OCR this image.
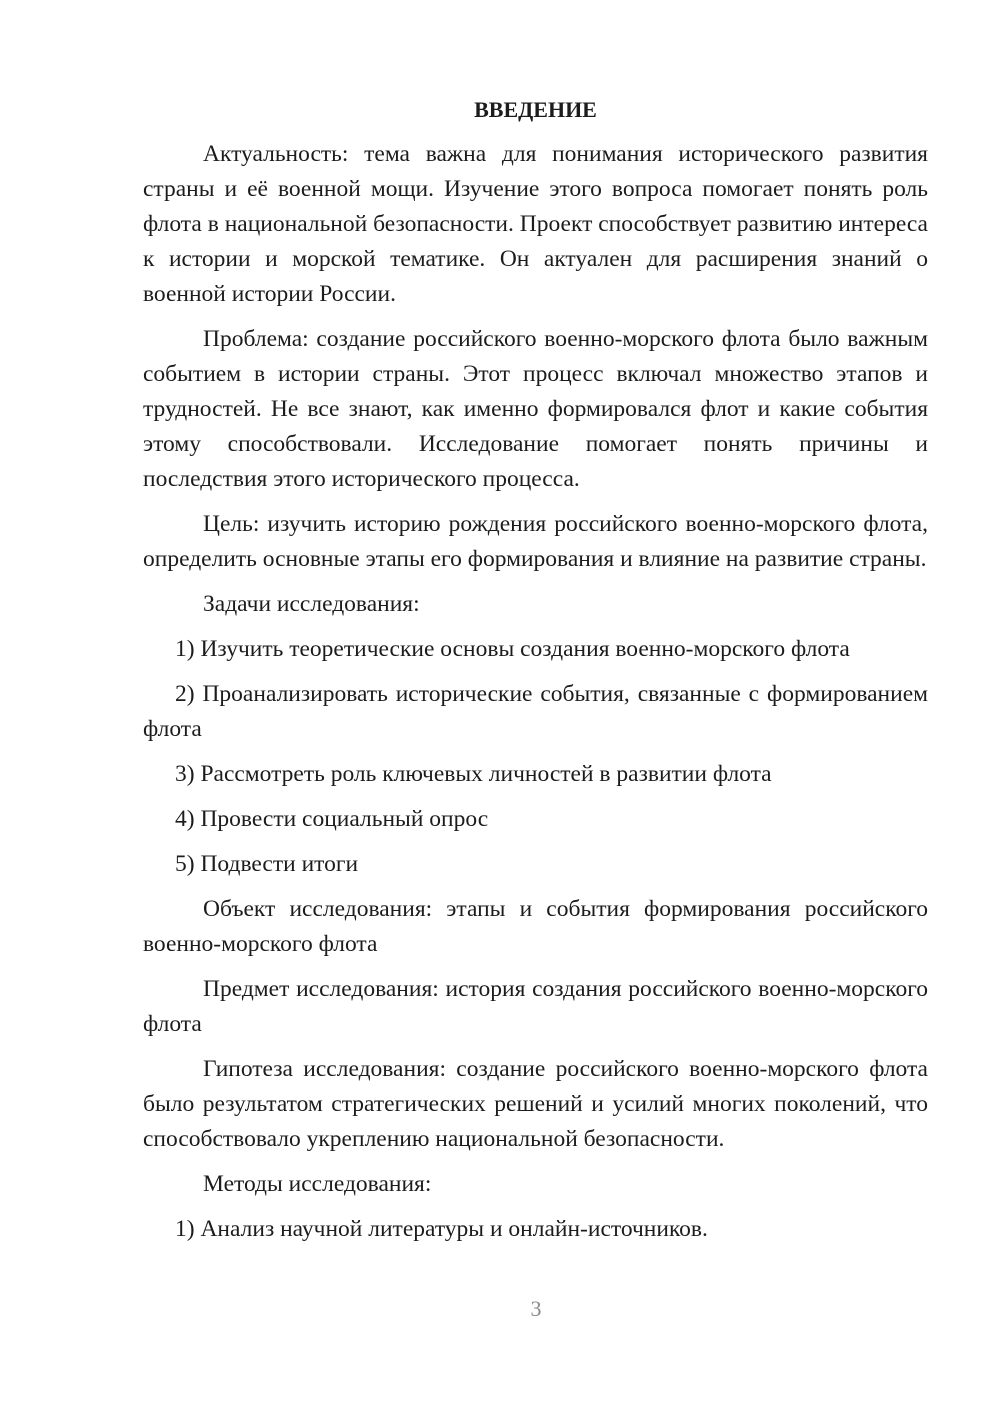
ВВЕДЕНИЕ

Актуальность: тема важна для понимания исторического развития страны и её военной мощи. Изучение этого вопроса помогает понять роль флота в национальной безопасности. Проект способствует развитию интереса к истории и морской тематике. Он актуален для расширения знаний о военной истории России.

Проблема: создание российского военно-морского флота было важным событием в истории страны. Этот процесс включал множество этапов и трудностей. Не все знают, как именно формировался флот и какие события этому способствовали. Исследование помогает понять причины и последствия этого исторического процесса.

Цель: изучить историю рождения российского военно-морского флота, определить основные этапы его формирования и влияние на развитие страны.

Задачи исследования:

1) Изучить теоретические основы создания военно-морского флота

2) Проанализировать исторические события, связанные с формированием флота

3) Рассмотреть роль ключевых личностей в развитии флота

4) Провести социальный опрос

5) Подвести итоги

Объект исследования: этапы и события формирования российского военно-морского флота

Предмет исследования: история создания российского военно-морского флота

Гипотеза исследования: создание российского военно-морского флота было результатом стратегических решений и усилий многих поколений, что способствовало укреплению национальной безопасности.

Методы исследования:

1) Анализ научной литературы и онлайн-источников.

3
